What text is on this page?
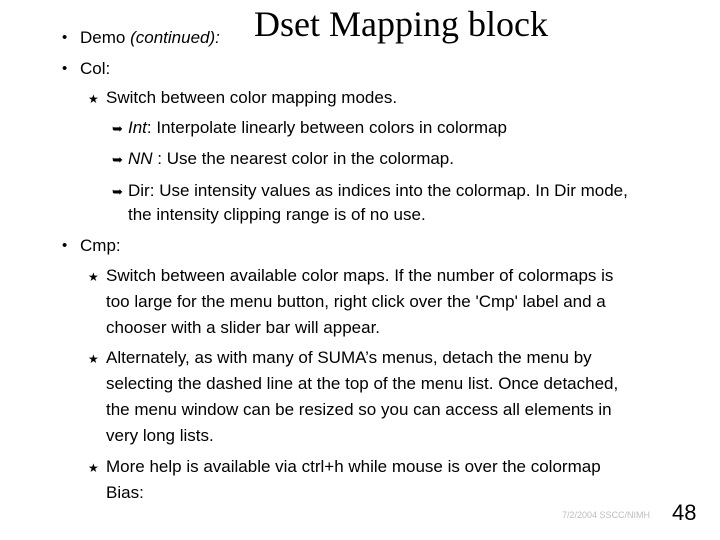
• Demo (continued): Dset Mapping block
• Col:
★ Switch between color mapping modes.
➥ Int: Interpolate linearly between colors in colormap
➥ NN : Use the nearest color in the colormap.
➥ Dir: Use intensity values as indices into the colormap. In Dir mode,
the intensity clipping range is of no use.
• Cmp:
★ Switch between available color maps. If the number of colormaps is
too large for the menu button, right click over the 'Cmp' label and a
chooser with a slider bar will appear.
★ Alternately, as with many of SUMA’s menus, detach the menu by
selecting the dashed line at the top of the menu list. Once detached,
the menu window can be resized so you can access all elements in
very long lists.
★ More help is available via ctrl+h while mouse is over the colormap
Bias:
7/2/2004 SSCC/NIMH 48
